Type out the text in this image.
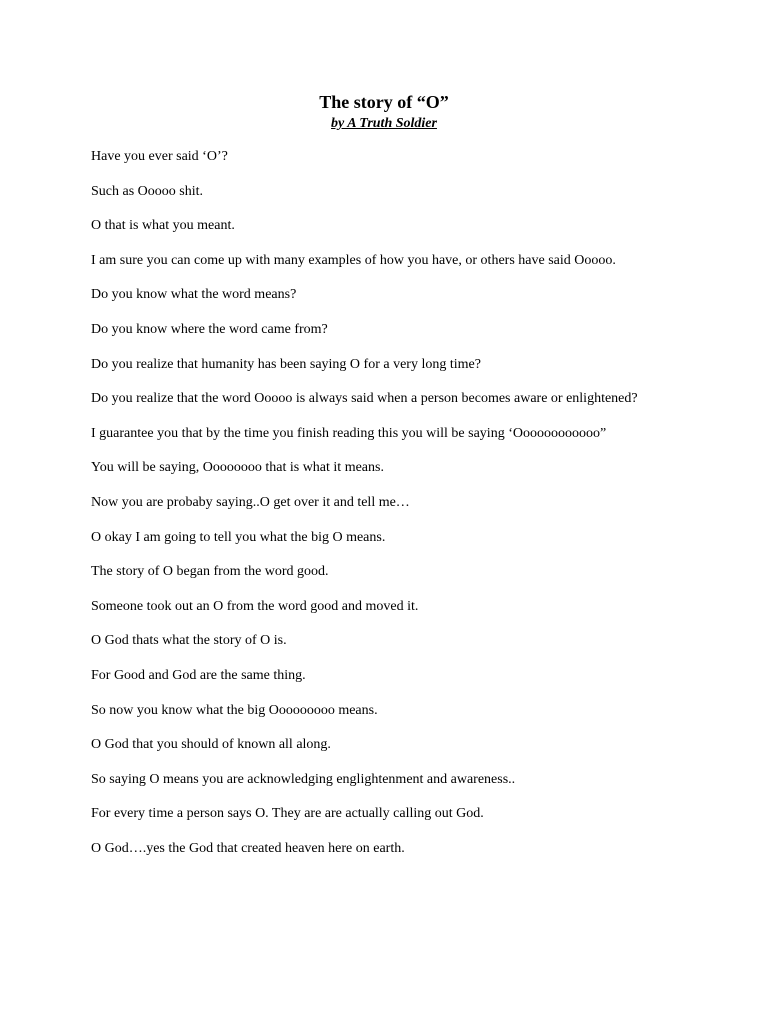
The story of “O”
by A Truth Soldier

Have you ever said ‘O’?

Such as Ooooo shit.

O that is what you meant.

I am sure you can come up with many examples of how you have, or others have said Ooooo.

Do you know what the word means?

Do you know where the word came from?

Do you realize that humanity has been saying O for a very long time?

Do you realize that the word Ooooo is always said when a person becomes aware or enlightened?

I guarantee you that by the time you finish reading this you will be saying ‘Oooooooooooo”

You will be saying, Oooooooo that is what it means.

Now you are probaby saying..O get over it and tell me…

O okay I am going to tell you what the big O means.

The story of O began from the word good.

Someone took out an O from the word good and moved it.

O God thats what the story of O is.

For Good and God are the same thing.

So now you know what the big Ooooooooo means.

O God that you should of known all along.

So saying O means you are acknowledging englightenment and awareness..

For every time a person says O. They are are actually calling out God.

O God….yes the God that created heaven here on earth.
